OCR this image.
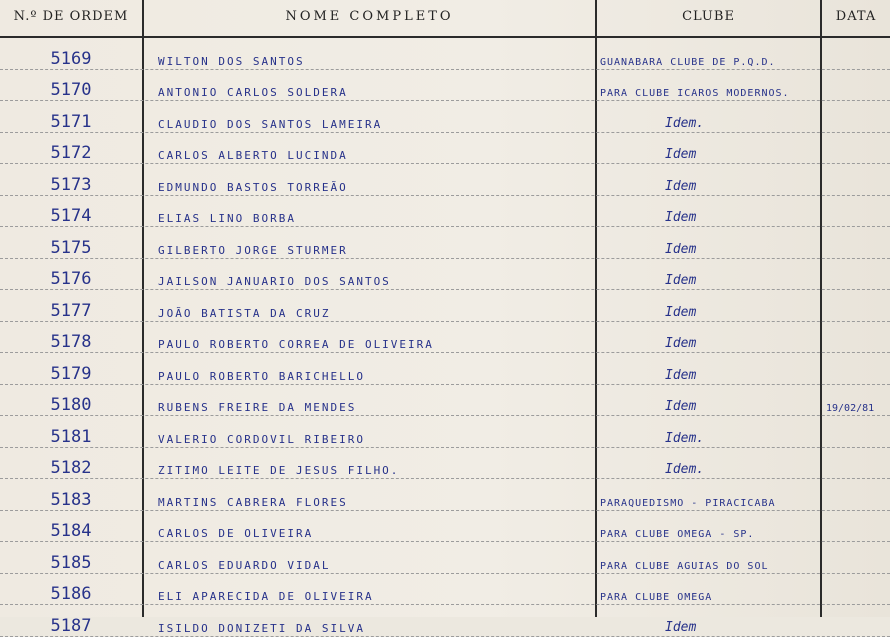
N.º DE ORDEM	NOME COMPLETO	CLUBE	DATA
5169	WILTON DOS SANTOS	GUANABARA CLUBE DE P.Q.D.
5170	ANTONIO CARLOS SOLDERA	PARA CLUBE ICAROS MODERNOS.
5171	CLAUDIO DOS SANTOS LAMEIRA	Idem.
5172	CARLOS ALBERTO LUCINDA	Idem
5173	EDMUNDO BASTOS TORREÃO	Idem
5174	ELIAS LINO BORBA	Idem
5175	GILBERTO JORGE STURMER	Idem
5176	JAILSON JANUARIO DOS SANTOS	Idem
5177	JOÃO BATISTA DA CRUZ	Idem
5178	PAULO ROBERTO CORREA DE OLIVEIRA	Idem
5179	PAULO ROBERTO BARICHELLO	Idem
5180	RUBENS FREIRE DA MENDES	Idem	19/02/81
5181	VALERIO CORDOVIL RIBEIRO	Idem.
5182	ZITIMO LEITE DE JESUS FILHO.	Idem.
5183	MARTINS CABRERA FLORES	PARAQUEDISMO - PIRACICABA
5184	CARLOS DE OLIVEIRA	PARA CLUBE OMEGA - SP.
5185	CARLOS EDUARDO VIDAL	PARA CLUBE AGUIAS DO SOL
5186	ELI APARECIDA DE OLIVEIRA	PARA CLUBE OMEGA
5187	ISILDO DONIZETI DA SILVA	Idem
